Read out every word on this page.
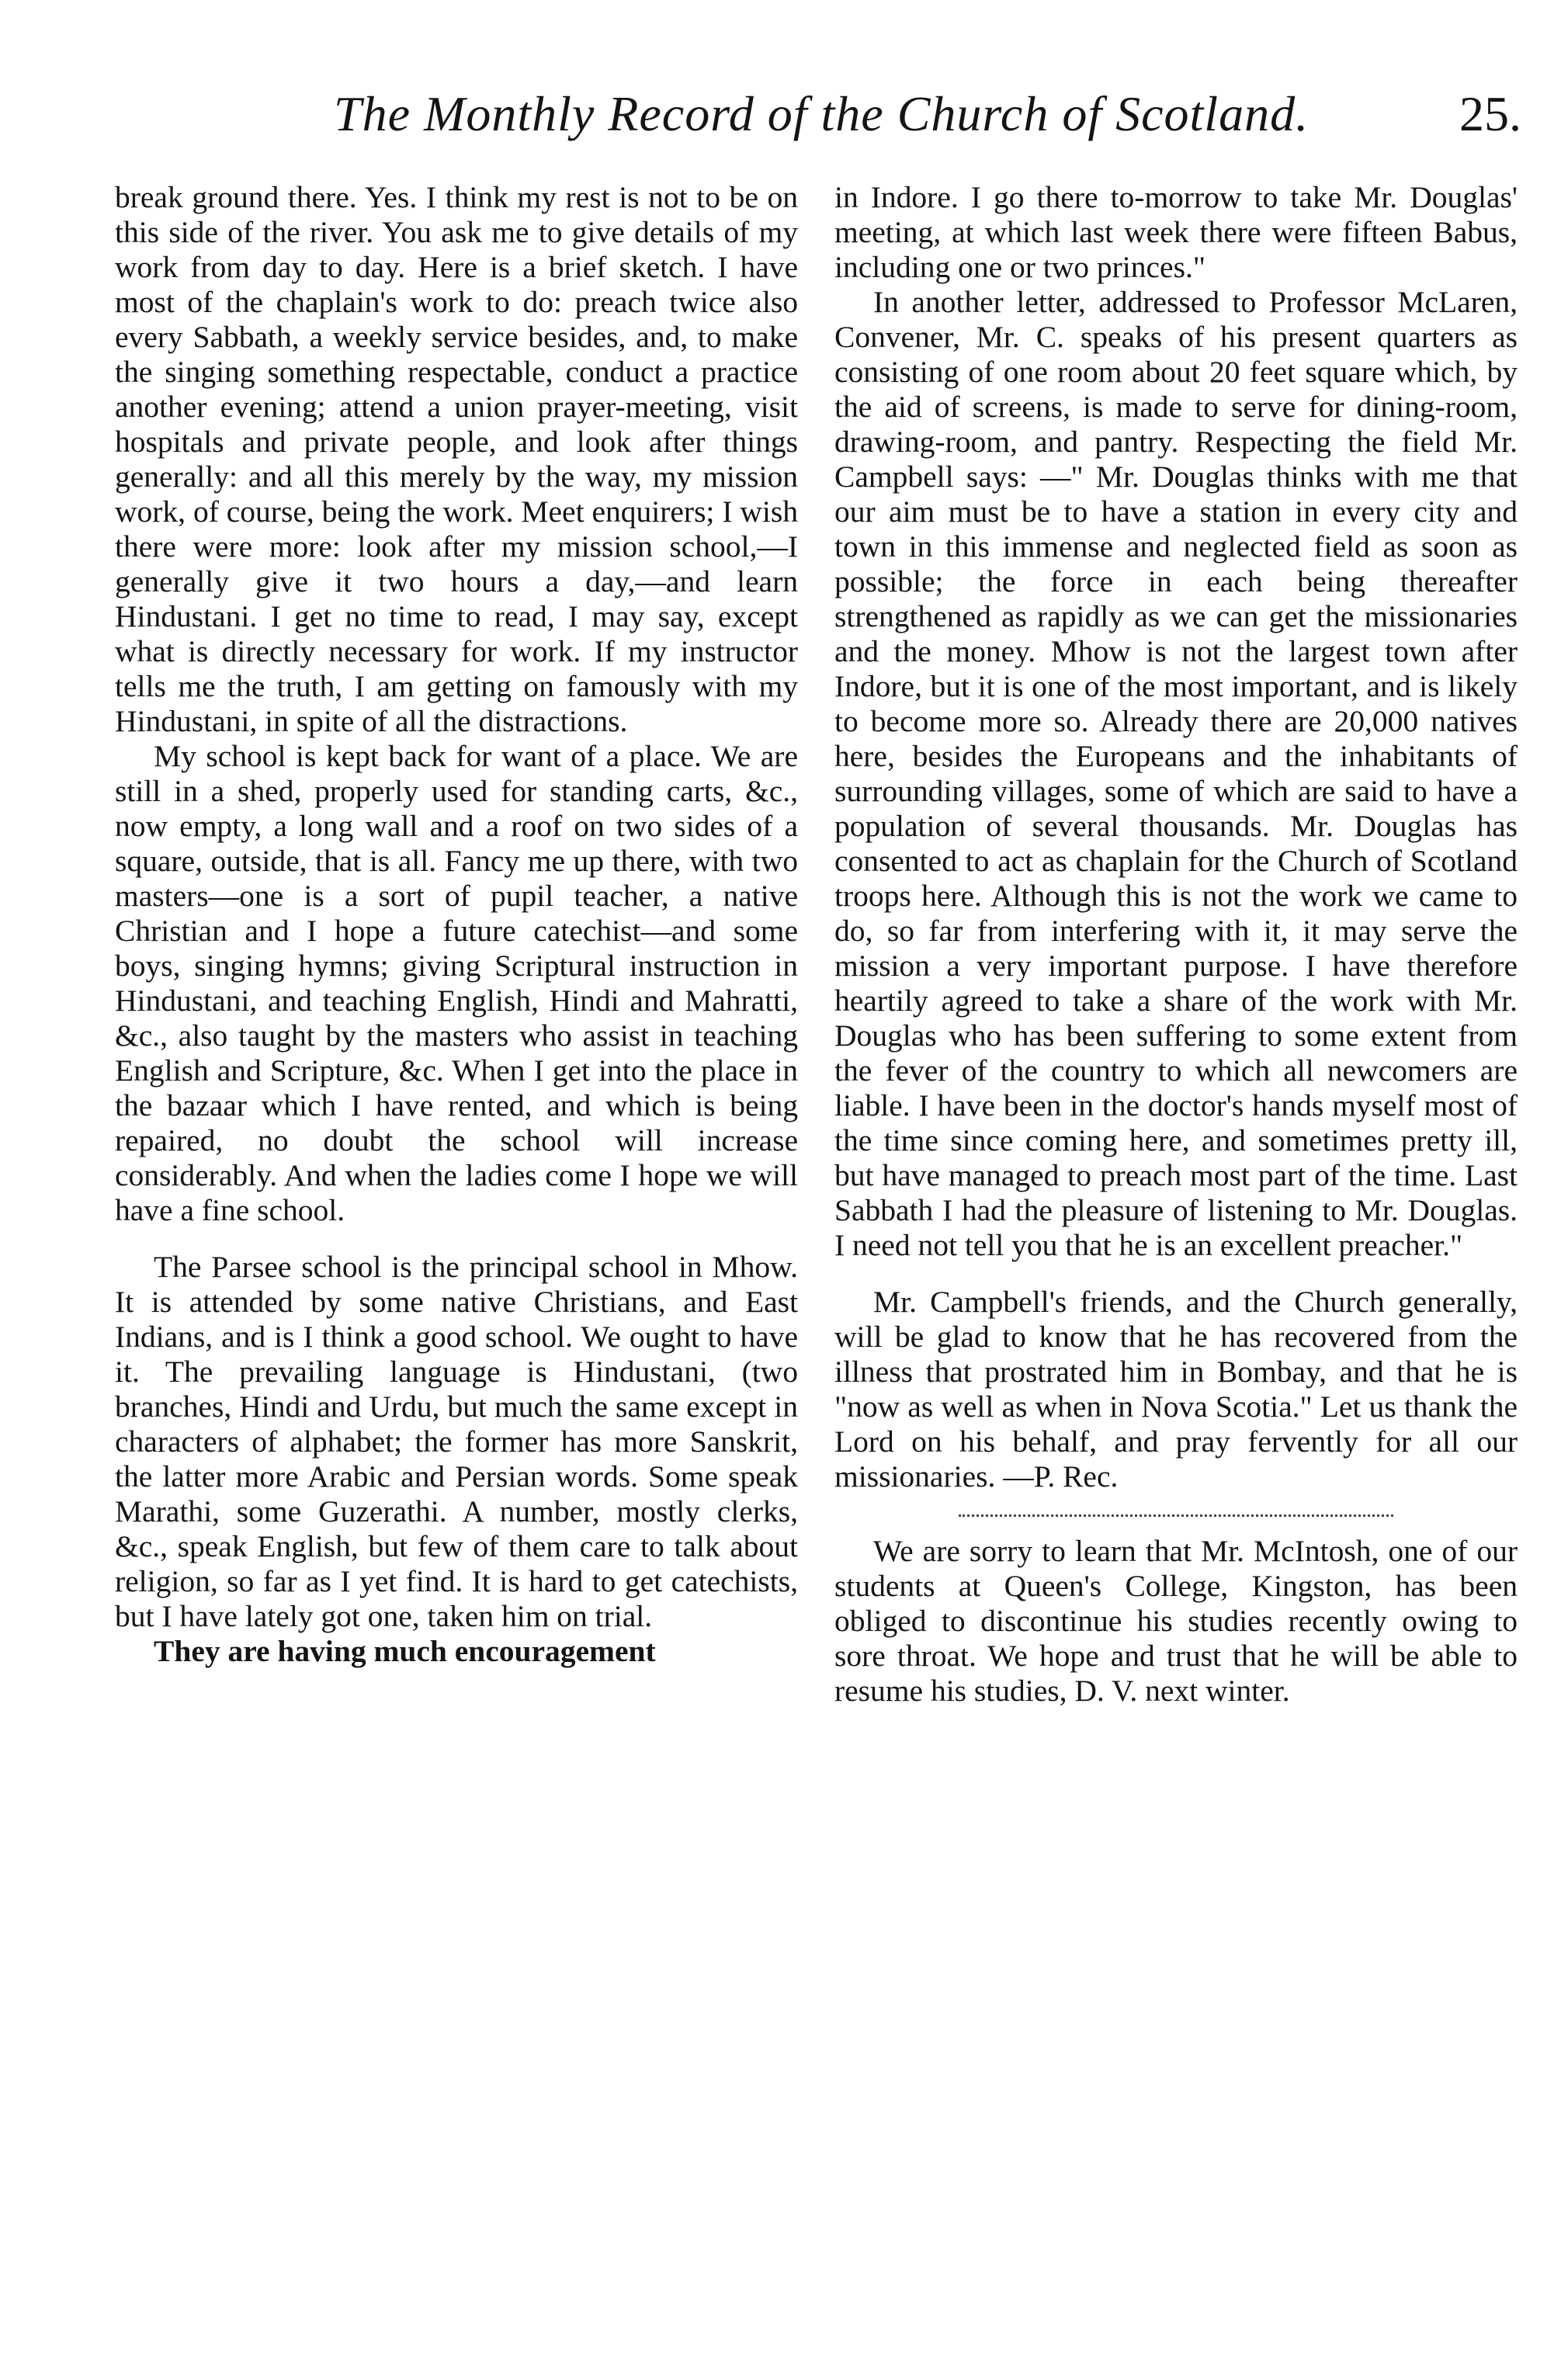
The Monthly Record of the Church of Scotland.	25.

break ground there. Yes. I think my rest is not to be on this side of the river. You ask me to give details of my work from day to day. Here is a brief sketch. I have most of the chaplain's work to do: preach twice also every Sabbath, a weekly service besides, and, to make the singing something respectable, conduct a practice another evening; attend a union prayer-meeting, visit hospitals and private people, and look after things generally: and all this merely by the way, my mission work, of course, being the work. Meet enquirers; I wish there were more: look after my mission school,—I generally give it two hours a day,—and learn Hindustani. I get no time to read, I may say, except what is directly necessary for work. If my instructor tells me the truth, I am getting on famously with my Hindustani, in spite of all the distractions.

My school is kept back for want of a place. We are still in a shed, properly used for standing carts, &c., now empty, a long wall and a roof on two sides of a square, outside, that is all. Fancy me up there, with two masters—one is a sort of pupil teacher, a native Christian and I hope a future catechist—and some boys, singing hymns; giving Scriptural instruction in Hindustani, and teaching English, Hindi and Mahratti, &c., also taught by the masters who assist in teaching English and Scripture, &c. When I get into the place in the bazaar which I have rented, and which is being repaired, no doubt the school will increase considerably. And when the ladies come I hope we will have a fine school.

The Parsee school is the principal school in Mhow. It is attended by some native Christians, and East Indians, and is I think a good school. We ought to have it. The prevailing language is Hindustani, (two branches, Hindi and Urdu, but much the same except in characters of alphabet; the former has more Sanskrit, the latter more Arabic and Persian words. Some speak Marathi, some Guzerathi. A number, mostly clerks, &c., speak English, but few of them care to talk about religion, so far as I yet find. It is hard to get catechists, but I have lately got one, taken him on trial.

They are having much encouragement

in Indore. I go there to-morrow to take Mr. Douglas' meeting, at which last week there were fifteen Babus, including one or two princes."

In another letter, addressed to Professor McLaren, Convener, Mr. C. speaks of his present quarters as consisting of one room about 20 feet square which, by the aid of screens, is made to serve for dining-room, drawing-room, and pantry. Respecting the field Mr. Campbell says: —" Mr. Douglas thinks with me that our aim must be to have a station in every city and town in this immense and neglected field as soon as possible; the force in each being thereafter strengthened as rapidly as we can get the missionaries and the money. Mhow is not the largest town after Indore, but it is one of the most important, and is likely to become more so. Already there are 20,000 natives here, besides the Europeans and the inhabitants of surrounding villages, some of which are said to have a population of several thousands. Mr. Douglas has consented to act as chaplain for the Church of Scotland troops here. Although this is not the work we came to do, so far from interfering with it, it may serve the mission a very important purpose. I have therefore heartily agreed to take a share of the work with Mr. Douglas who has been suffering to some extent from the fever of the country to which all newcomers are liable. I have been in the doctor's hands myself most of the time since coming here, and sometimes pretty ill, but have managed to preach most part of the time. Last Sabbath I had the pleasure of listening to Mr. Douglas. I need not tell you that he is an excellent preacher."

Mr. Campbell's friends, and the Church generally, will be glad to know that he has recovered from the illness that prostrated him in Bombay, and that he is "now as well as when in Nova Scotia." Let us thank the Lord on his behalf, and pray fervently for all our missionaries. —P. Rec.

We are sorry to learn that Mr. McIntosh, one of our students at Queen's College, Kingston, has been obliged to discontinue his studies recently owing to sore throat. We hope and trust that he will be able to resume his studies, D. V. next winter.
